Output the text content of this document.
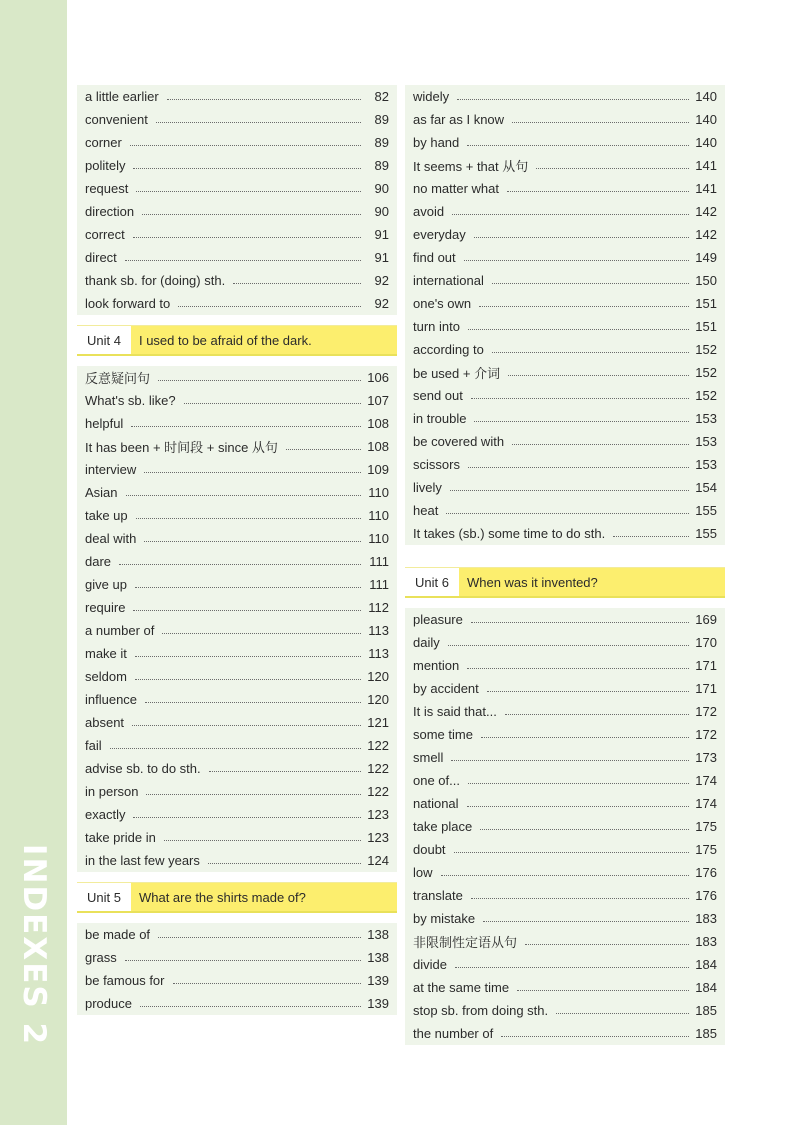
INDEXES 2
a little earlier	82
convenient	89
corner	89
politely	89
request	90
direction	90
correct	91
direct	91
thank sb. for (doing) sth.	92
look forward to	92
Unit 4	I used to be afraid of the dark.
反意疑问句	106
What's sb. like?	107
helpful	108
It has been + 时间段 + since 从句	108
interview	109
Asian	110
take up	110
deal with	110
dare	111
give up	111
require	112
a number of	113
make it	113
seldom	120
influence	120
absent	121
fail	122
advise sb. to do sth.	122
in person	122
exactly	123
take pride in	123
in the last few years	124
Unit 5	What are the shirts made of?
be made of	138
grass	138
be famous for	139
produce	139
widely	140
as far as I know	140
by hand	140
It seems + that 从句	141
no matter what	141
avoid	142
everyday	142
find out	149
international	150
one's own	151
turn into	151
according to	152
be used + 介词	152
send out	152
in trouble	153
be covered with	153
scissors	153
lively	154
heat	155
It takes (sb.) some time to do sth.	155
Unit 6	When was it invented?
pleasure	169
daily	170
mention	171
by accident	171
It is said that...	172
some time	172
smell	173
one of...	174
national	174
take place	175
doubt	175
low	176
translate	176
by mistake	183
非限制性定语从句	183
divide	184
at the same time	184
stop sb. from doing sth.	185
the number of	185
